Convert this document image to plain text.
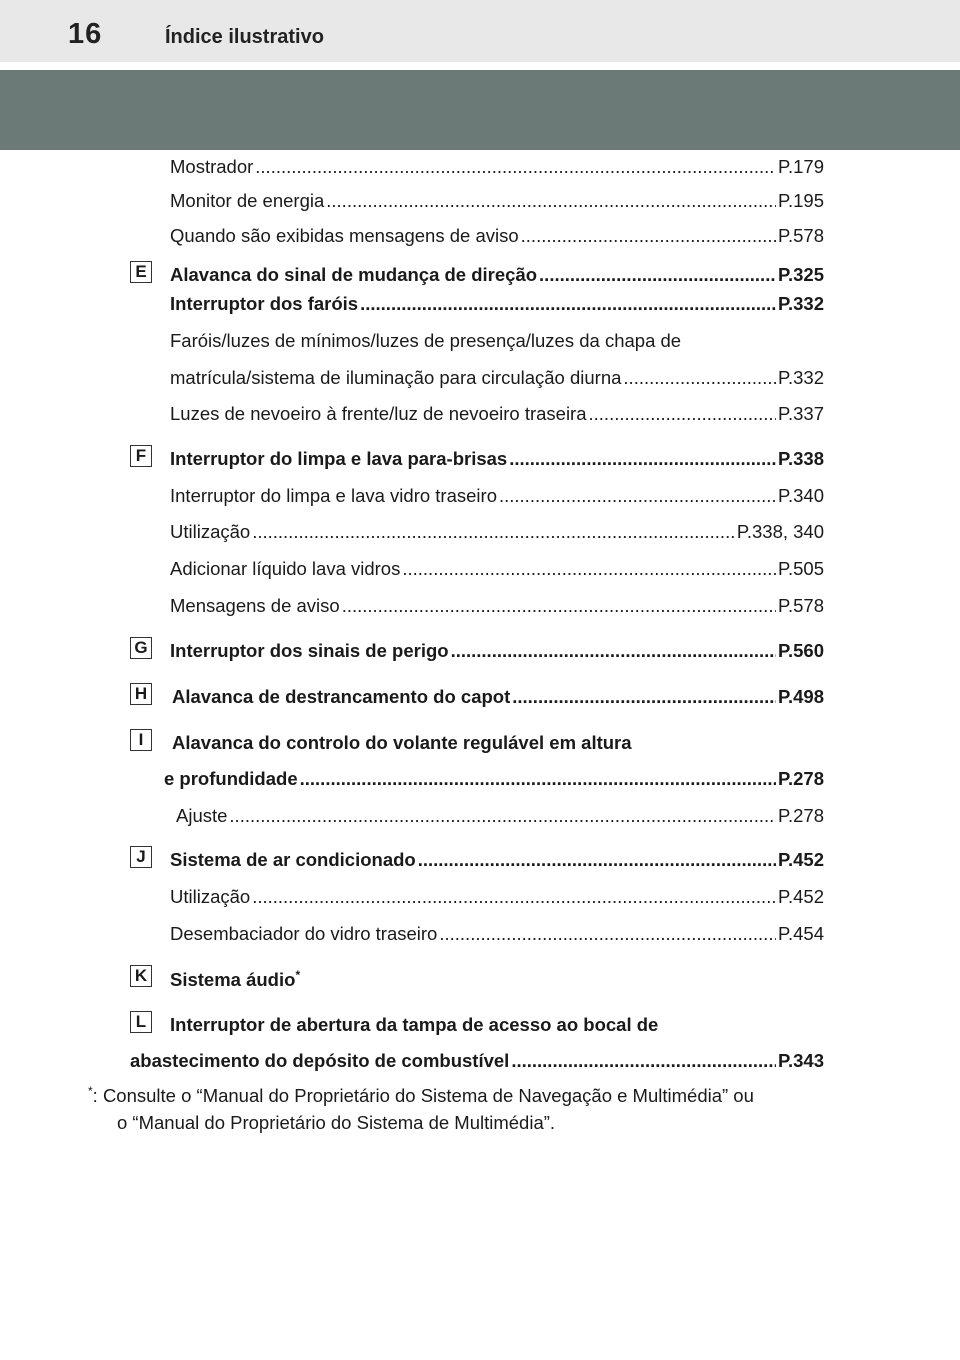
16	Índice ilustrativo
Mostrador .....	P.179
Monitor de energia .....	P.195
Quando são exibidas mensagens de aviso .....	P.578
E Alavanca do sinal de mudança de direção .....	P.325
Interruptor dos faróis .....	P.332
Faróis/luzes de mínimos/luzes de presença/luzes da chapa de
matrícula/sistema de iluminação para circulação diurna .....	P.332
Luzes de nevoeiro à frente/luz de nevoeiro traseira .....	P.337
F	Interruptor do limpa e lava para-brisas .....	P.338
Interruptor do limpa e lava vidro traseiro .....	P.340
Utilização .....	P.338, 340
Adicionar líquido lava vidros .....	P.505
Mensagens de aviso .....	P.578
G Interruptor dos sinais de perigo .....	P.560
H Alavanca de destrancamento do capot .....	P.498
I	Alavanca do controlo do volante regulável em altura
e profundidade .....	P.278
Ajuste .....	P.278
J	Sistema de ar condicionado .....	P.452
Utilização .....	P.452
Desembaciador do vidro traseiro .....	P.454
K Sistema áudio*
L	Interruptor de abertura da tampa de acesso ao bocal de
abastecimento do depósito de combustível .....	P.343
*: Consulte o “Manual do Proprietário do Sistema de Navegação e Multimédia” ou
o “Manual do Proprietário do Sistema de Multimédia”.
